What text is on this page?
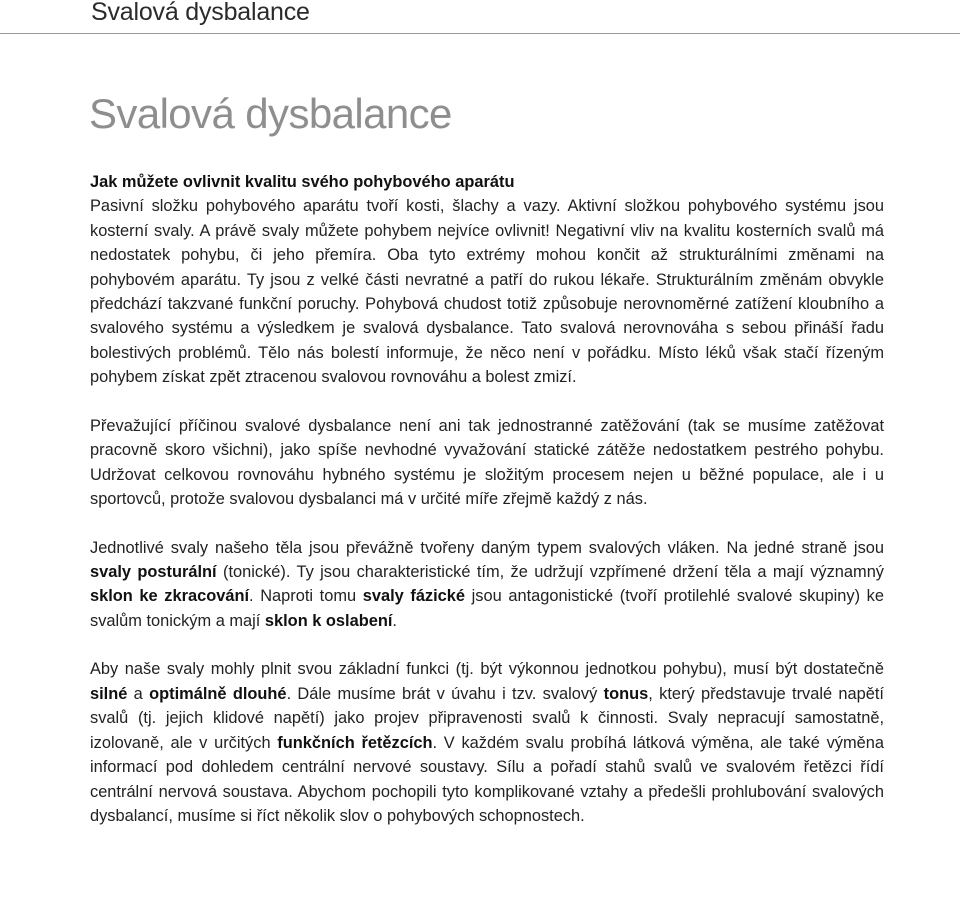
Svalová dysbalance
Svalová dysbalance
Jak můžete ovlivnit kvalitu svého pohybového aparátu

Pasivní složku pohybového aparátu tvoří kosti, šlachy a vazy. Aktivní složkou pohybového systému jsou kosterní svaly. A právě svaly můžete pohybem nejvíce ovlivnit! Negativní vliv na kvalitu kosterních svalů má nedostatek pohybu, či jeho přemíra. Oba tyto extrémy mohou končit až strukturálními změnami na pohybovém aparátu. Ty jsou z velké části nevratné a patří do rukou lékaře. Strukturálním změnám obvykle předchází takzvané funkční poruchy. Pohybová chudost totiž způsobuje nerovnoměrné zatížení kloubního a svalového systému a výsledkem je svalová dysbalance. Tato svalová nerovnováha s sebou přináší řadu bolestivých problémů. Tělo nás bolestí informuje, že něco není v pořádku. Místo léků však stačí řízeným pohybem získat zpět ztracenou svalovou rovnováhu a bolest zmizí.

Převažující příčinou svalové dysbalance není ani tak jednostranné zatěžování (tak se musíme zatěžovat pracovně skoro všichni), jako spíše nevhodné vyvažování statické zátěže nedostatkem pestrého pohybu. Udržovat celkovou rovnováhu hybného systému je složitým procesem nejen u běžné populace, ale i u sportovců, protože svalovou dysbalanci má v určité míře zřejmě každý z nás.

Jednotlivé svaly našeho těla jsou převážně tvořeny daným typem svalových vláken. Na jedné straně jsou svaly posturální (tonické). Ty jsou charakteristické tím, že udržují vzpřímené držení těla a mají významný sklon ke zkracování. Naproti tomu svaly fázické jsou antagonistické (tvoří protilehlé svalové skupiny) ke svalům tonickým a mají sklon k oslabení.

Aby naše svaly mohly plnit svou základní funkci (tj. být výkonnou jednotkou pohybu), musí být dostatečně silné a optimálně dlouhé. Dále musíme brát v úvahu i tzv. svalový tonus, který představuje trvalé napětí svalů (tj. jejich klidové napětí) jako projev připravenosti svalů k činnosti. Svaly nepracují samostatně, izolovaně, ale v určitých funkčních řetězcích. V každém svalu probíhá látková výměna, ale také výměna informací pod dohledem centrální nervové soustavy. Sílu a pořadí stahů svalů ve svalovém řetězci řídí centrální nervová soustava. Abychom pochopili tyto komplikované vztahy a předešli prohlubování svalových dysbalancí, musíme si říct několik slov o pohybových schopnostech.
